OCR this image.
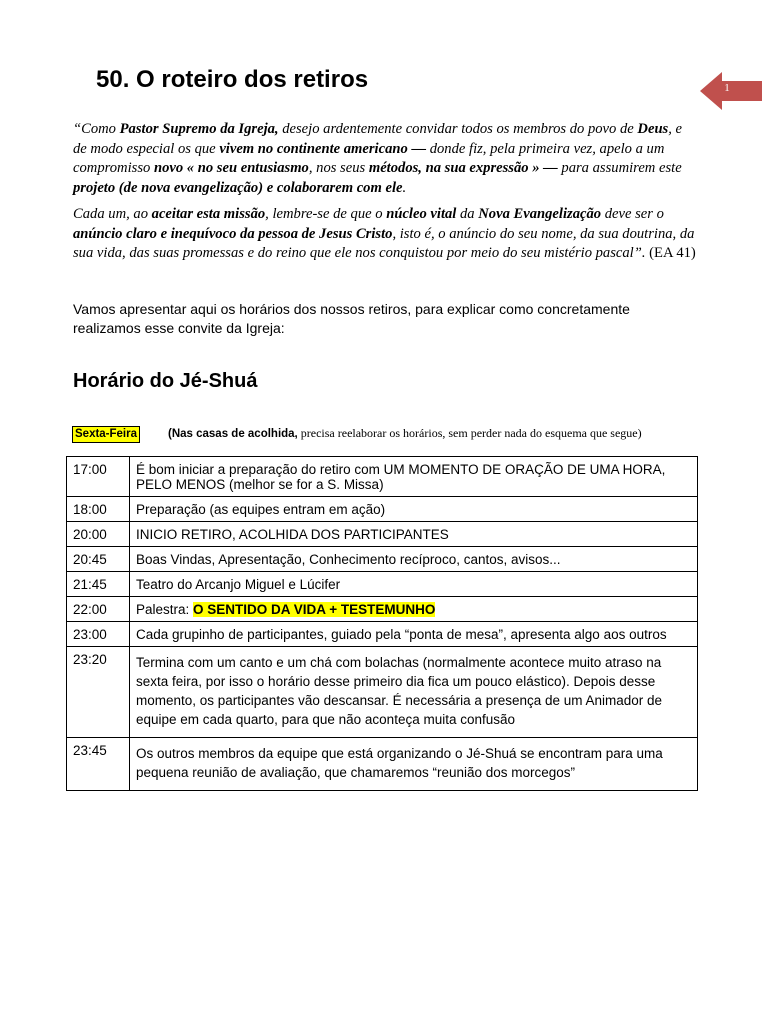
50. O roteiro dos retiros	1

“Como Pastor Supremo da Igreja, desejo ardentemente convidar todos os membros do povo de Deus, e de modo especial os que vivem no continente americano — donde fiz, pela primeira vez, apelo a um compromisso novo « no seu entusiasmo, nos seus métodos, na sua expressão » — para assumirem este projeto (de nova evangelização) e colaborarem com ele.

Cada um, ao aceitar esta missão, lembre-se de que o núcleo vital da Nova Evangelização deve ser o anúncio claro e inequívoco da pessoa de Jesus Cristo, isto é, o anúncio do seu nome, da sua doutrina, da sua vida, das suas promessas e do reino que ele nos conquistou por meio do seu mistério pascal”. (EA 41)

Vamos apresentar aqui os horários dos nossos retiros, para explicar como concretamente realizamos esse convite da Igreja:

Horário do Jé-Shuá
Sexta-Feira	(Nas casas de acolhida, precisa reelaborar os horários, sem perder nada do esquema que segue)

17:00	É bom iniciar a preparação do retiro com UM MOMENTO DE ORAÇÃO DE UMA HORA, PELO MENOS (melhor se for a S. Missa)
18:00	Preparação (as equipes entram em ação)
20:00	INICIO RETIRO, ACOLHIDA DOS PARTICIPANTES
20:45	Boas Vindas, Apresentação, Conhecimento recíproco, cantos, avisos...
21:45	Teatro do Arcanjo Miguel e Lúcifer
22:00	Palestra: O SENTIDO DA VIDA + TESTEMUNHO
23:00	Cada grupinho de participantes, guiado pela “ponta de mesa”, apresenta algo aos outros
23:20	Termina com um canto e um chá com bolachas (normalmente acontece muito atraso na sexta feira, por isso o horário desse primeiro dia fica um pouco elástico). Depois desse momento, os participantes vão descansar. É necessária a presença de um Animador de equipe em cada quarto, para que não aconteça muita confusão
23:45	Os outros membros da equipe que está organizando o Jé-Shuá se encontram para uma pequena reunião de avaliação, que chamaremos “reunião dos morcegos”
